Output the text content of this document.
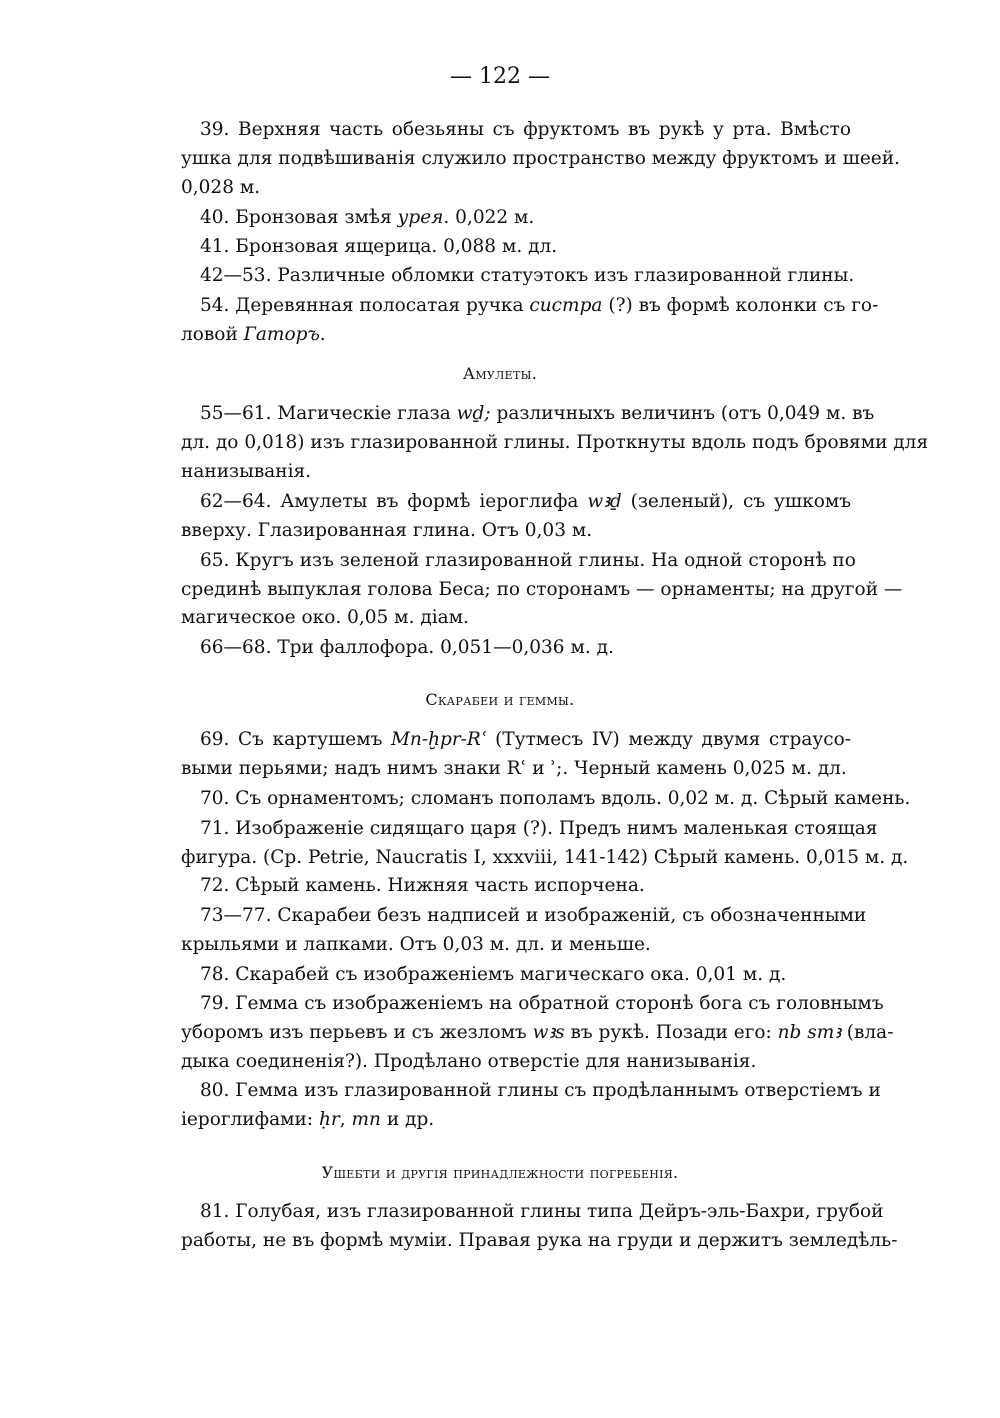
— 122 —
39. Верхняя часть обезьяны съ фруктомъ въ рукѣ у рта. Вмѣсто
ушка для подвѣшиванія служило пространство между фруктомъ и шеей.
0,028 м.
40. Бронзовая змѣя урея. 0,022 м.
41. Бронзовая ящерица. 0,088 м. дл.
42—53. Различные обломки статуэтокъ изъ глазированной глины.
54. Деревянная полосатая ручка систра (?) въ формѣ колонки съ го-
ловой Гаторъ.
Амулеты.
55—61. Магическіе глаза wḏ; различныхъ величинъ (отъ 0,049 м. въ
дл. до 0,018) изъ глазированной глины. Проткнуты вдоль подъ бровями для
нанизыванія.
62—64. Амулеты въ формѣ іероглифа wꜣḏ (зеленый), съ ушкомъ
вверху. Глазированная глина. Отъ 0,03 м.
65. Кругъ изъ зеленой глазированной глины. На одной сторонѣ по
срединѣ выпуклая голова Беса; по сторонамъ — орнаменты; на другой —
магическое око. 0,05 м. діам.
66—68. Три фаллофора. 0,051—0,036 м. д.
Скарабеи и геммы.
69. Съ картушемъ Mn-ḫpr-Rʿ (Тутмесъ IV) между двумя страусо-
выми перьями; надъ нимъ знаки Rʿ и ʾ;. Черный камень 0,025 м. дл.
70. Съ орнаментомъ; сломанъ пополамъ вдоль. 0,02 м. д. Сѣрый камень.
71. Изображеніе сидящаго царя (?). Предъ нимъ маленькая стоящая
фигура. (Ср. Petrie, Naucratis I, xxxviii, 141-142) Сѣрый камень. 0,015 м. д.
72. Сѣрый камень. Нижняя часть испорчена.
73—77. Скарабеи безъ надписей и изображеній, съ обозначенными
крыльями и лапками. Отъ 0,03 м. дл. и меньше.
78. Скарабей съ изображеніемъ магическаго ока. 0,01 м. д.
79. Гемма съ изображеніемъ на обратной сторонѣ бога съ головнымъ
уборомъ изъ перьевъ и съ жезломъ wꜣs въ рукѣ. Позади его: nb smꜣ (вла-
дыка соединенія?). Продѣлано отверстіе для нанизыванія.
80. Гемма изъ глазированной глины съ продѣланнымъ отверстіемъ и
іероглифами: ḥr, mn и др.
Ушебти и другія принадлежности погребенія.
81. Голубая, изъ глазированной глины типа Дейръ-эль-Бахри, грубой
работы, не въ формѣ муміи. Правая рука на груди и держитъ земледѣль-
